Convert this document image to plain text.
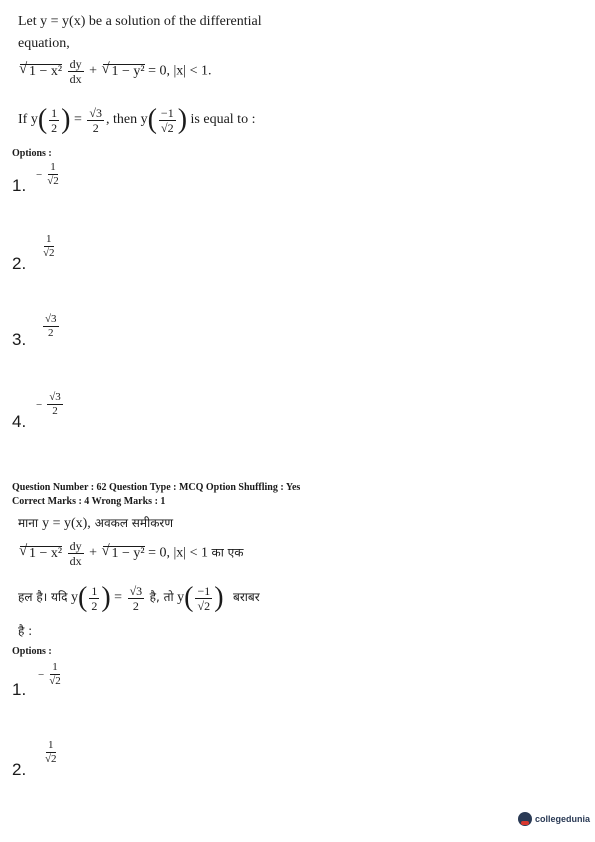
Let y = y(x) be a solution of the differential
equation,
√ $1 - x^2 \frac{dy}{dx}$ + √ 1 − y² = 0, |x| < 1.
If $y( \frac{1}{2}$ ) = $\frac{√3}{2}$ , then $y( \frac{-1}{√2}$ ) is equal to :
Options :
1.
− $\frac{1}{√2}$
2.
$\frac{1}{√2}$
3.
$\frac{√3}{2}$
4.
− $\frac{√3}{2}$
Question Number : 62 Question Type : MCQ Option Shuffling : Yes
Correct Marks : 4 Wrong Marks : 1
माना y = y(x), अवकल समीकरण
√ $1 - x^2 \frac{dy}{dx}$ + √ 1 − y² = 0, |x| < 1 का एक
हल है। यदि $y( \frac{1}{2}$ ) = $\frac{√3}{2}$ है, तो $y( \frac{-1}{√2}$ ) बराबर
है :
Options :
1.
− $\frac{1}{√2}$
2.
$\frac{1}{√2}$
collegedunia
